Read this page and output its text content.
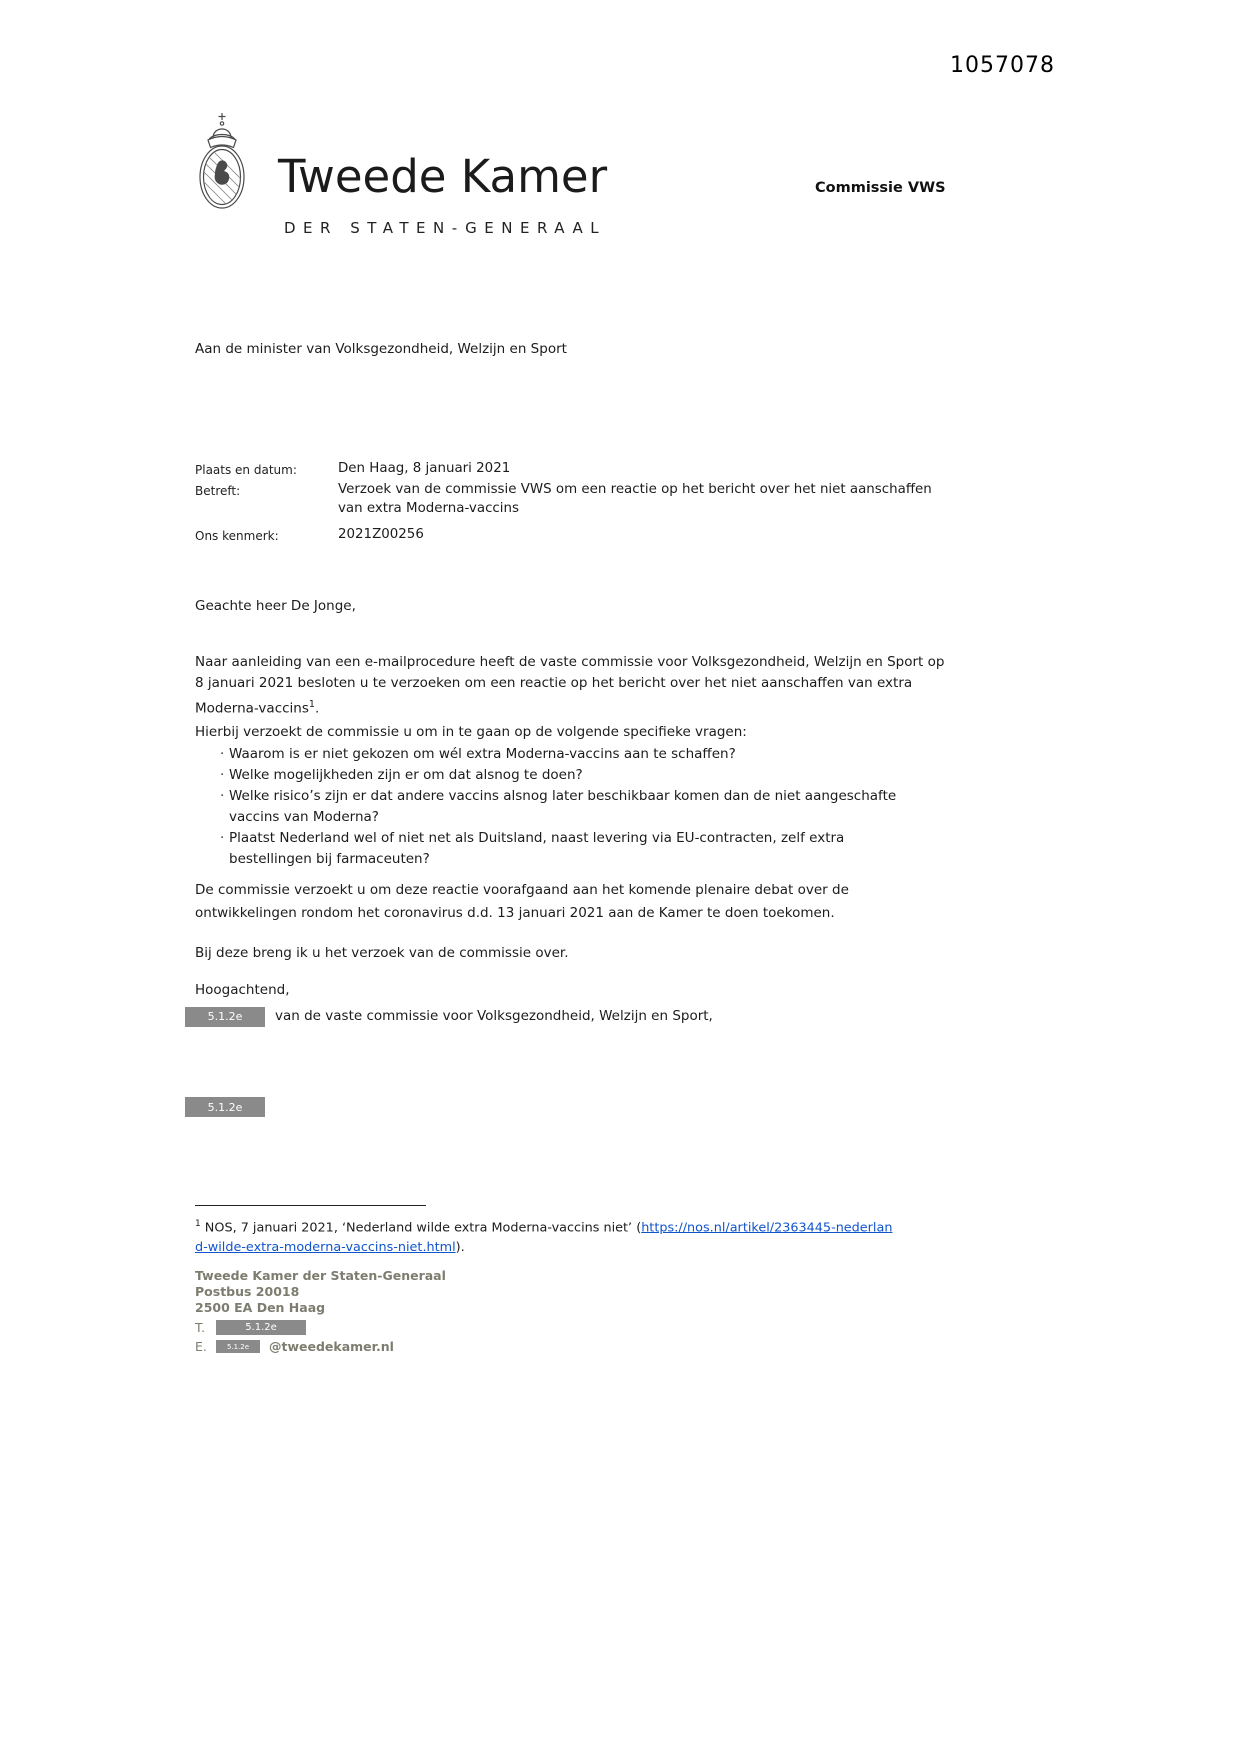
1057078
Tweede Kamer
DER STATEN-GENERAAL
Commissie VWS
Aan de minister van Volksgezondheid, Welzijn en Sport
Plaats en datum:	Den Haag, 8 januari 2021
Betreft:	Verzoek van de commissie VWS om een reactie op het bericht over het niet aanschaffen van extra Moderna-vaccins
Ons kenmerk:	2021Z00256
Geachte heer De Jonge,

Naar aanleiding van een e-mailprocedure heeft de vaste commissie voor Volksgezondheid, Welzijn en Sport op 8 januari 2021 besloten u te verzoeken om een reactie op het bericht over het niet aanschaffen van extra Moderna-vaccins$^1$.

Hierbij verzoekt de commissie u om in te gaan op de volgende specifieke vragen:

· Waarom is er niet gekozen om wél extra Moderna-vaccins aan te schaffen?
· Welke mogelijkheden zijn er om dat alsnog te doen?
· Welke risico’s zijn er dat andere vaccins alsnog later beschikbaar komen dan de niet aangeschafte vaccins van Moderna?
· Plaatst Nederland wel of niet net als Duitsland, naast levering via EU-contracten, zelf extra bestellingen bij farmaceuten?

De commissie verzoekt u om deze reactie voorafgaand aan het komende plenaire debat over de ontwikkelingen rondom het coronavirus d.d. 13 januari 2021 aan de Kamer te doen toekomen.

Bij deze breng ik u het verzoek van de commissie over.

Hoogachtend,
5.1.2e	van de vaste commissie voor Volksgezondheid, Welzijn en Sport,
5.1.2e

$^1$ NOS, 7 januari 2021, ‘Nederland wilde extra Moderna-vaccins niet’ (https://nos.nl/artikel/2363445-nederland-wilde-extra-moderna-vaccins-niet.html).

Tweede Kamer der Staten-Generaal
Postbus 20018
2500 EA Den Haag
T.	5.1.2e
E.	5.1.2e	@tweedekamer.nl
